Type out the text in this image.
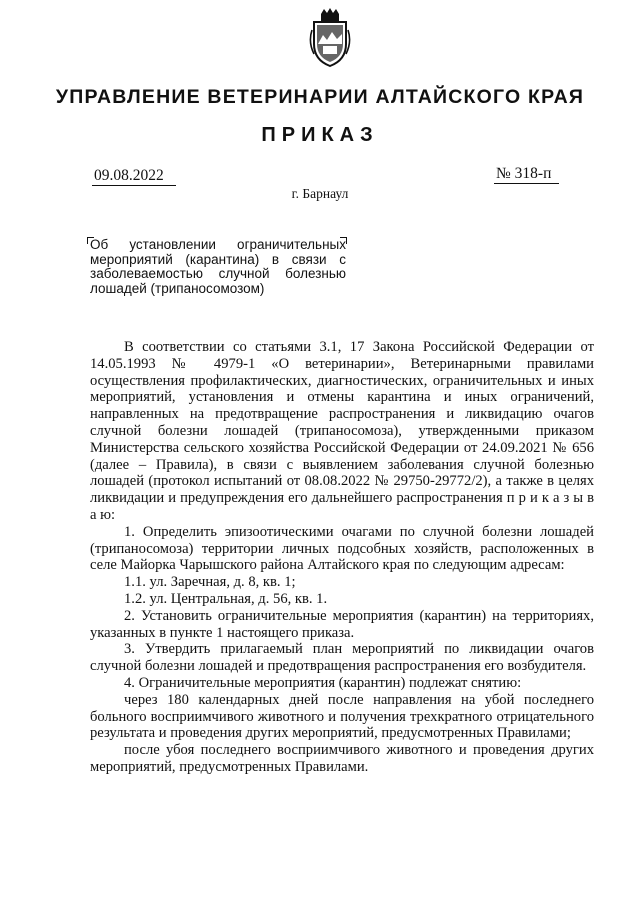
УПРАВЛЕНИЕ ВЕТЕРИНАРИИ АЛТАЙСКОГО КРАЯ
ПРИКАЗ
09.08.2022	№ 318-п
г. Барнаул
Об установлении ограничительных мероприятий (карантина) в связи с заболеваемостью случной болезнью лошадей (трипаносомозом)

В соответствии со статьями 3.1, 17 Закона Российской Федерации от 14.05.1993 № 4979-1 «О ветеринарии», Ветеринарными правилами осуществления профилактических, диагностических, ограничительных и иных мероприятий, установления и отмены карантина и иных ограничений, направленных на предотвращение распространения и ликвидацию очагов случной болезни лошадей (трипаносомоза), утвержденными приказом Министерства сельского хозяйства Российской Федерации от 24.09.2021 № 656 (далее – Правила), в связи с выявлением заболевания случной болезнью лошадей (протокол испытаний от 08.08.2022 № 29750-29772/2), а также в целях ликвидации и предупреждения его дальнейшего распространения п р и к а з ы в а ю:

1. Определить эпизоотическими очагами по случной болезни лошадей (трипаносомоза) территории личных подсобных хозяйств, расположенных в селе Майорка Чарышского района Алтайского края по следующим адресам:

1.1. ул. Заречная, д. 8, кв. 1;

1.2. ул. Центральная, д. 56, кв. 1.

2. Установить ограничительные мероприятия (карантин) на территориях, указанных в пункте 1 настоящего приказа.

3. Утвердить прилагаемый план мероприятий по ликвидации очагов случной болезни лошадей и предотвращения распространения его возбудителя.

4. Ограничительные мероприятия (карантин) подлежат снятию:

через 180 календарных дней после направления на убой последнего больного восприимчивого животного и получения трехкратного отрицательного результата и проведения других мероприятий, предусмотренных Правилами;

после убоя последнего восприимчивого животного и проведения других мероприятий, предусмотренных Правилами.
